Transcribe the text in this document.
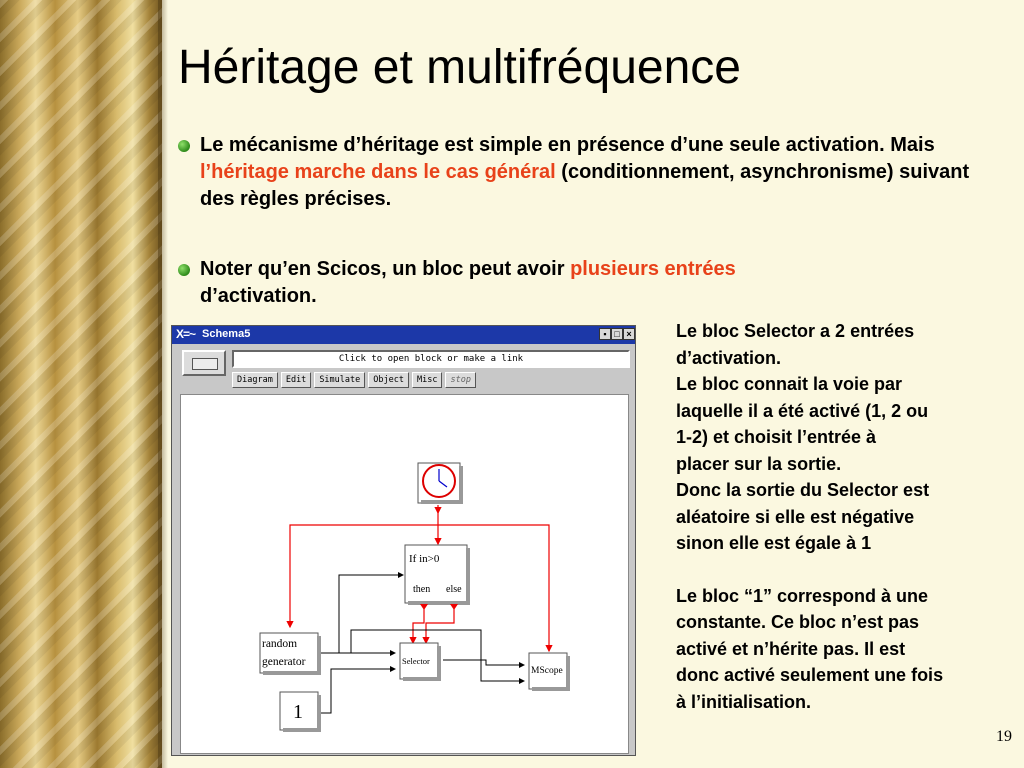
Héritage et multifréquence
Le mécanisme d’héritage est simple en présence d’une seule activation. Mais l’héritage marche dans le cas général (conditionnement, asynchronisme) suivant des règles précises.
Noter qu’en Scicos, un bloc peut avoir plusieurs entrées
d’activation.

Le bloc Selector a 2 entrées

d’activation.

Le bloc connait la voie par

laquelle il a été activé (1, 2 ou

1-2) et choisit l’entrée à

placer sur la sortie.

Donc la sortie du Selector est

aléatoire si elle est négative

sinon elle est égale à 1

Le bloc “1” correspond à une

constante. Ce bloc n’est pas

activé et n’hérite pas. Il est

donc activé seulement une fois

à l’initialisation.

19
X=~ Schema5	▪ □ ×
Click to open block or make a link
Diagram	Edit	Simulate	Object	Misc	stop
If in>0
then else
Selector
random
generator
MScope
1
